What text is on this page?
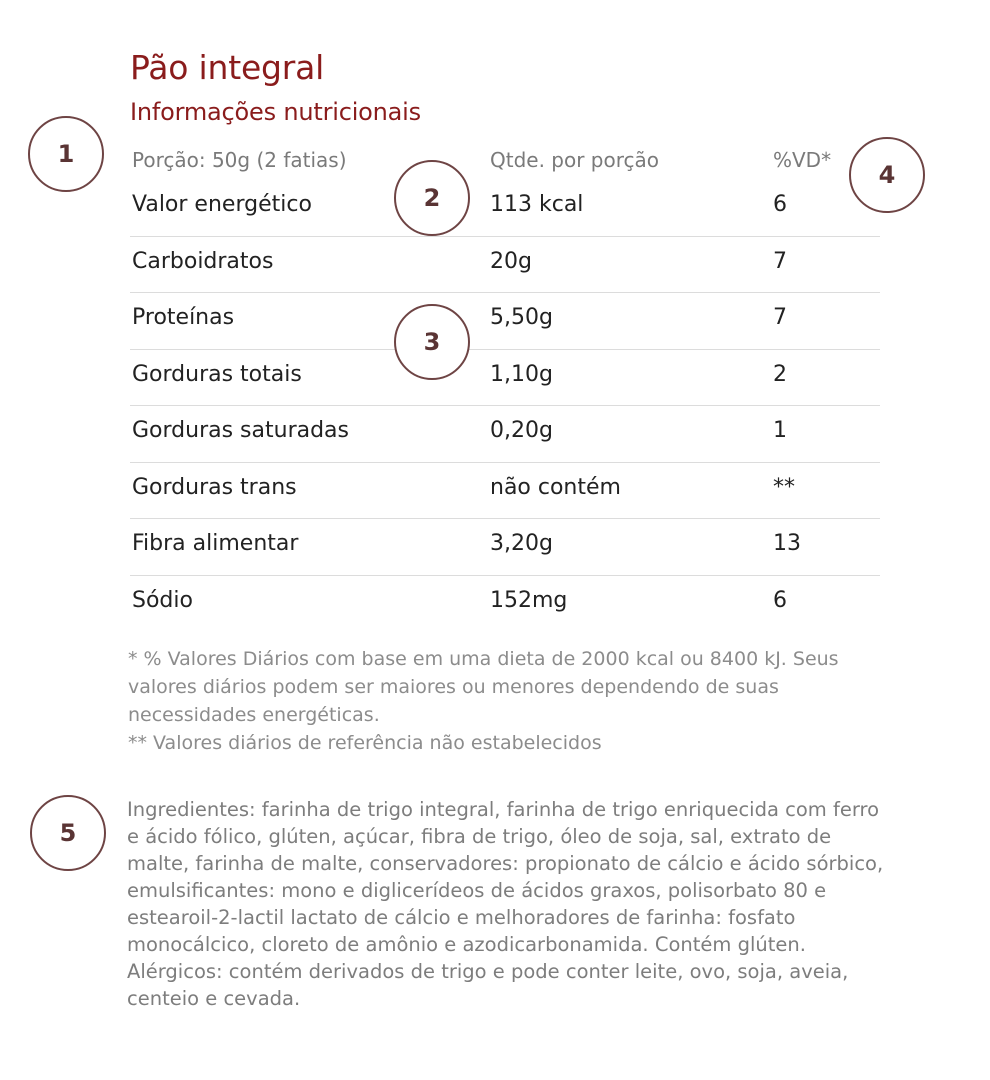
Pão integral
Informações nutricionais
Porção: 50g (2 fatias)	Qtde. por porção	%VD*
Valor energético	113 kcal	6
Carboidratos	20g	7
Proteínas	5,50g	7
Gorduras totais	1,10g	2
Gorduras saturadas	0,20g	1
Gorduras trans	não contém	**
Fibra alimentar	3,20g	13
Sódio	152mg	6

* % Valores Diários com base em uma dieta de 2000 kcal ou 8400 kJ. Seus valores diários podem ser maiores ou menores dependendo de suas necessidades energéticas.

** Valores diários de referência não estabelecidos

Ingredientes: farinha de trigo integral, farinha de trigo enriquecida com ferro e ácido fólico, glúten, açúcar, fibra de trigo, óleo de soja, sal, extrato de malte, farinha de malte, conservadores: propionato de cálcio e ácido sórbico, emulsificantes: mono e diglicerídeos de ácidos graxos, polisorbato 80 e estearoil-2-lactil lactato de cálcio e melhoradores de farinha: fosfato monocálcico, cloreto de amônio e azodicarbonamida. Contém glúten. Alérgicos: contém derivados de trigo e pode conter leite, ovo, soja, aveia, centeio e cevada.
1
2
3
4
5
